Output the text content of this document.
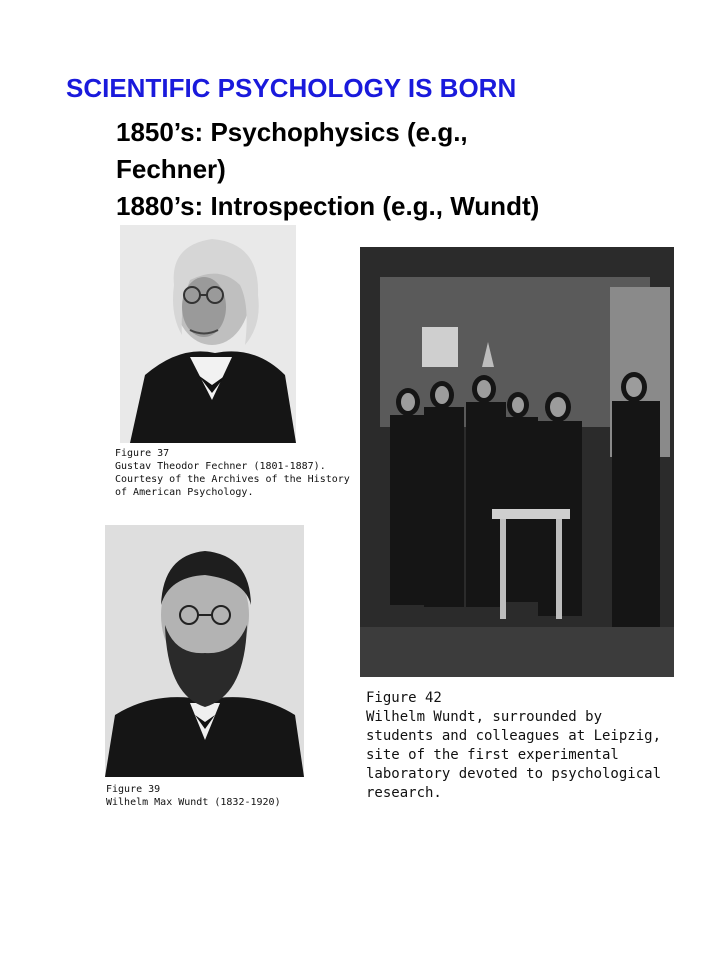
SCIENTIFIC PSYCHOLOGY IS BORN
1850’s: Psychophysics (e.g.,
Fechner)
1880’s: Introspection (e.g., Wundt)
Figure 37
Gustav Theodor Fechner (1801-1887).
Courtesy of the Archives of the History
of American Psychology.
Figure 39
Wilhelm Max Wundt (1832-1920)
Figure 42
Wilhelm Wundt, surrounded by
students and colleagues at Leipzig,
site of the first experimental
laboratory devoted to psychological
research.
